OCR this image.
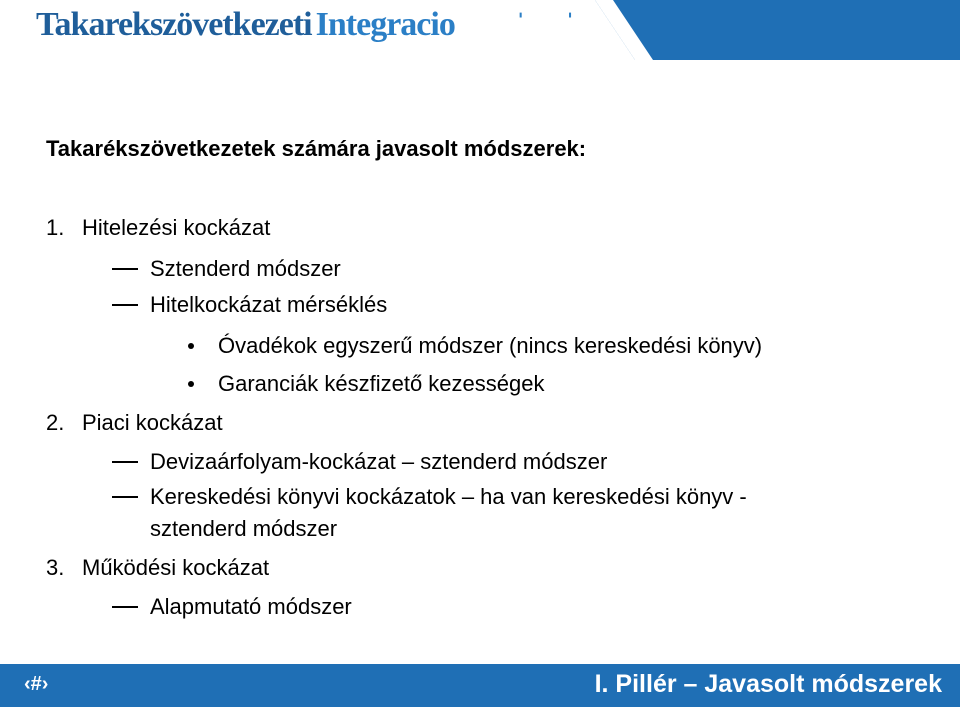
Takarekszövetkezeti Integracio ˈ ˈ
Takarékszövetkezetek számára javasolt módszerek:
1. Hitelezési kockázat
Sztenderd módszer
Hitelkockázat mérséklés
Óvadékok egyszerű módszer (nincs kereskedési könyv)
Garanciák készfizető kezességek
2. Piaci kockázat
Devizaárfolyam-kockázat – sztenderd módszer
Kereskedési könyvi kockázatok – ha van kereskedési könyv -
sztenderd módszer
3. Működési kockázat
Alapmutató módszer
‹#›	I. Pillér – Javasolt módszerek
